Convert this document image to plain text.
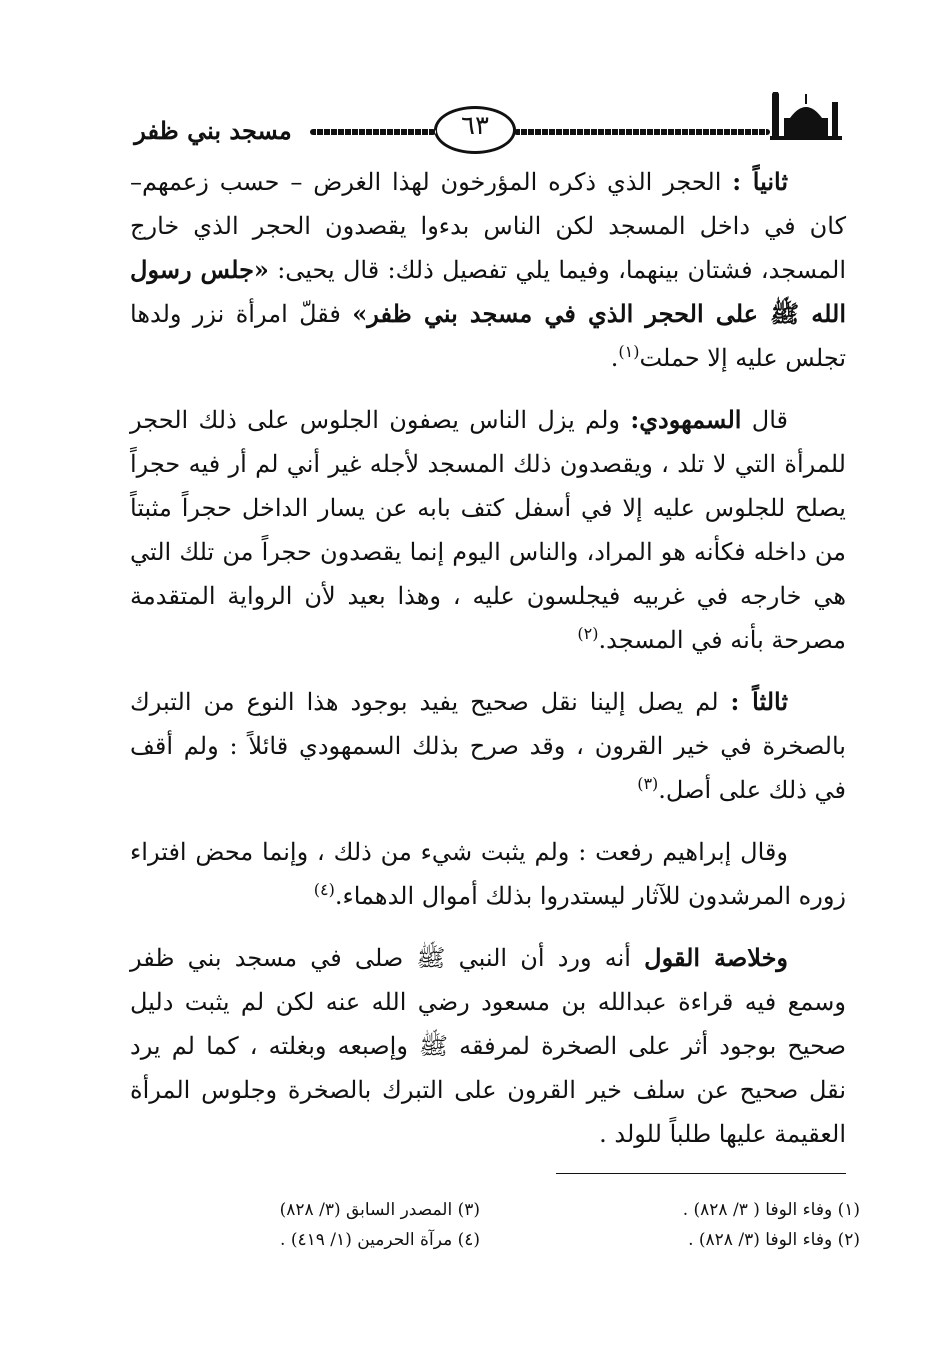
٦٣
مسجد بني ظفر

ثانياً : الحجر الذي ذكره المؤرخون لهذا الغرض – حسب زعمهم– كان في داخل المسجد لكن الناس بدءوا يقصدون الحجر الذي خارج المسجد، فشتان بينهما، وفيما يلي تفصيل ذلك: قال يحيى: «جلس رسول الله ﷺ على الحجر الذي في مسجد بني ظفر» فقلّ امرأة نزر ولدها تجلس عليه إلا حملت$^{(١)}$.

قال السمهودي: ولم يزل الناس يصفون الجلوس على ذلك الحجر للمرأة التي لا تلد ، ويقصدون ذلك المسجد لأجله غير أني لم أر فيه حجراً يصلح للجلوس عليه إلا في أسفل كتف بابه عن يسار الداخل حجراً مثبتاً من داخله فكأنه هو المراد، والناس اليوم إنما يقصدون حجراً من تلك التي هي خارجه في غربيه فيجلسون عليه ، وهذا بعيد لأن الرواية المتقدمة مصرحة بأنه في المسجد.$^{(٢)}$

ثالثاً : لم يصل إلينا نقل صحيح يفيد بوجود هذا النوع من التبرك بالصخرة في خير القرون ، وقد صرح بذلك السمهودي قائلاً : ولم أقف في ذلك على أصل.$^{(٣)}$

وقال إبراهيم رفعت : ولم يثبت شيء من ذلك ، وإنما محض افتراء زوره المرشدون للآثار ليستدروا بذلك أموال الدهماء.$^{(٤)}$

وخلاصة القول أنه ورد أن النبي ﷺ صلى في مسجد بني ظفر وسمع فيه قراءة عبدالله بن مسعود رضي الله عنه لكن لم يثبت دليل صحيح بوجود أثر على الصخرة لمرفقه ﷺ وإصبعه وبغلته ، كما لم يرد نقل صحيح عن سلف خير القرون على التبرك بالصخرة وجلوس المرأة العقيمة عليها طلباً للولد .

(١) وفاء الوفا ( ٣/ ٨٢٨) .
(٢) وفاء الوفا (٣/ ٨٢٨) .
(٣) المصدر السابق (٣/ ٨٢٨)
(٤) مرآة الحرمين (١/ ٤١٩) .
